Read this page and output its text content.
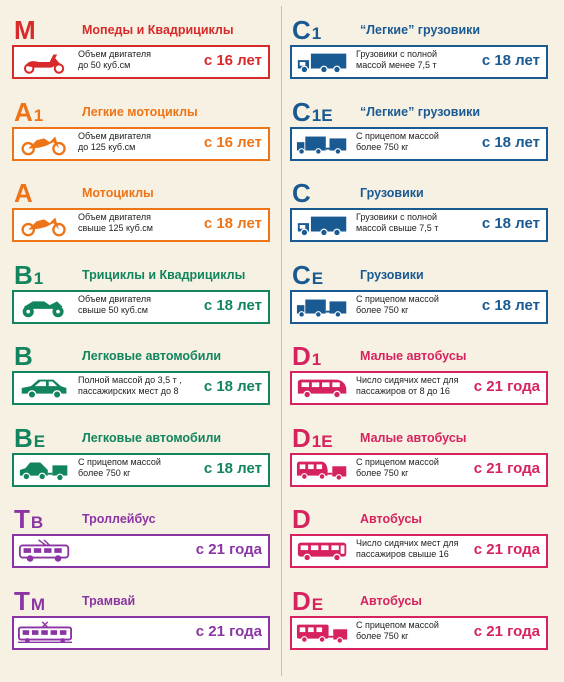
M	Мопеды и Квадрициклы
Объем двигателя
до 50 куб.см	с 16 лет
A1	Легкие мотоциклы
Объем двигателя
до 125 куб.см	с 16 лет
A	Мотоциклы
Объем двигателя
свыше 125 куб.см	с 18 лет
B1	Трициклы и Квадрициклы
Объем двигателя
свыше 50 куб.см	с 18 лет
B	Легковые автомобили
Полной массой до 3,5 т ,
пассажирских мест до 8 с 18 лет
BE	Легковые автомобили
С прицепом массой
более 750 кг	с 18 лет
TB	Троллейбус
с 21 года
TM	Трамвай
с 21 года
C1	“Легкие” грузовики
Грузовики с полной
массой менее 7,5 т	с 18 лет
C1E “Легкие” грузовики
С прицепом массой
более 750 кг	с 18 лет
C	Грузовики
Грузовики с полной
массой свыше 7,5 т	с 18 лет
CE	Грузовики
С прицепом массой
более 750 кг	с 18 лет
D1	Малые автобусы
Число сидячих мест для
пассажиров от 8 до 16	с 21 года
D1E Малые автобусы
С прицепом массой
более 750 кг	с 21 года
D	Автобусы
Число сидячих мест для
пассажиров свыше 16	с 21 года
DE	Автобусы
С прицепом массой
более 750 кг	с 21 года
